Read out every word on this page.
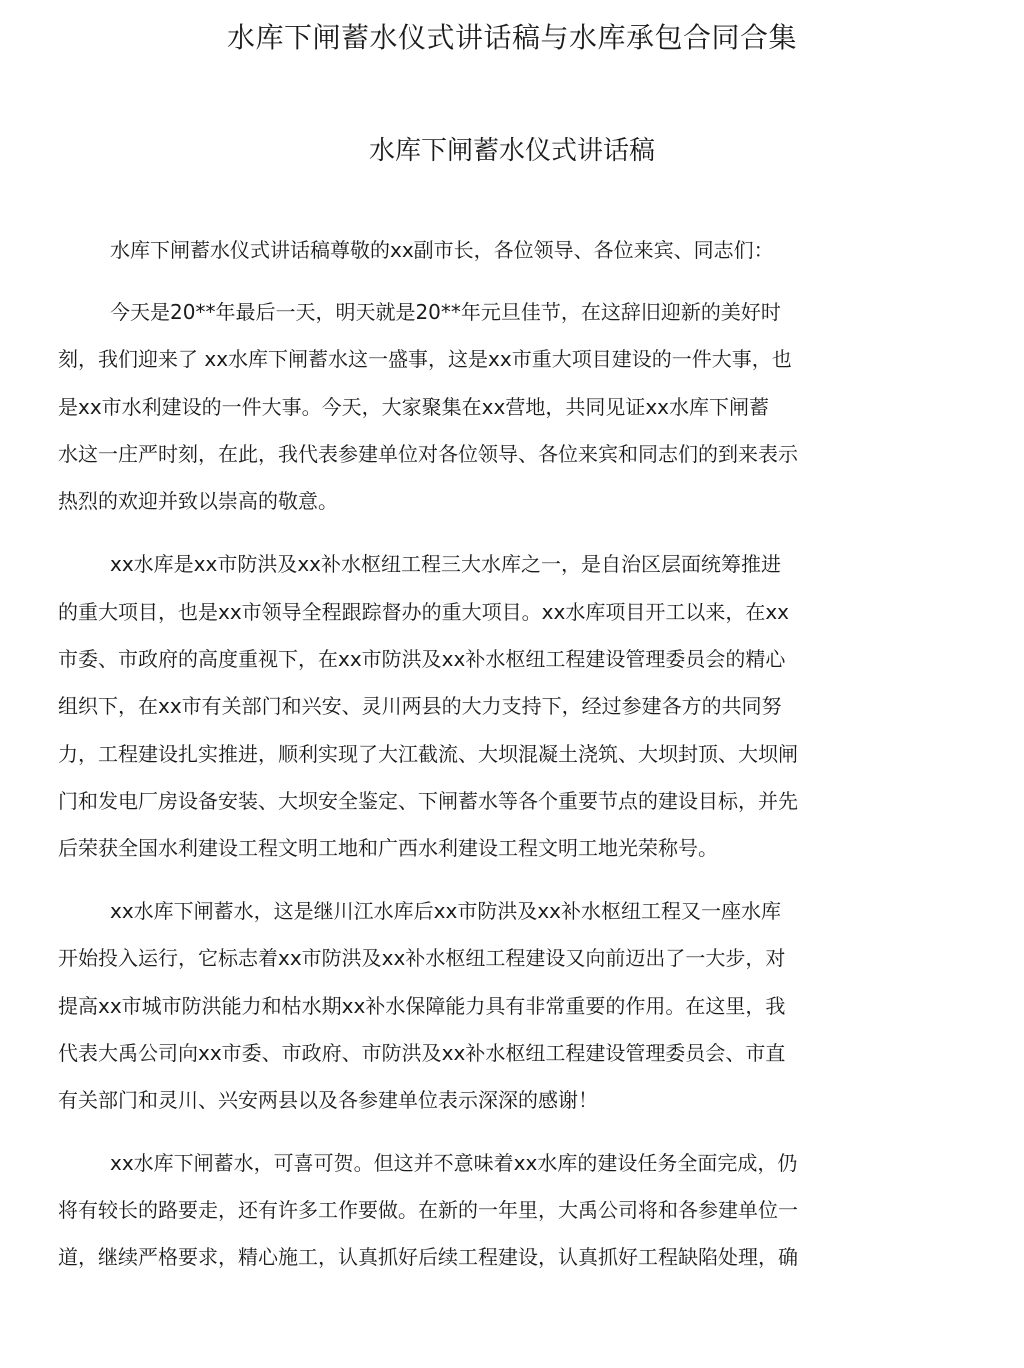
水库下闸蓄水仪式讲话稿与水库承包合同合集
水库下闸蓄水仪式讲话稿

水库下闸蓄水仪式讲话稿尊敬的xx副市长，各位领导、各位来宾、同志们：

今天是20**年最后一天，明天就是20**年元旦佳节，在这辞旧迎新的美好时

刻，我们迎来了 xx水库下闸蓄水这一盛事，这是xx市重大项目建设的一件大事，也

是xx市水利建设的一件大事。今天，大家聚集在xx营地，共同见证xx水库下闸蓄

水这一庄严时刻，在此，我代表参建单位对各位领导、各位来宾和同志们的到来表示

热烈的欢迎并致以崇高的敬意。

xx水库是xx市防洪及xx补水枢纽工程三大水库之一，是自治区层面统筹推进

的重大项目，也是xx市领导全程跟踪督办的重大项目。xx水库项目开工以来，在xx

市委、市政府的高度重视下，在xx市防洪及xx补水枢纽工程建设管理委员会的精心

组织下，在xx市有关部门和兴安、灵川两县的大力支持下，经过参建各方的共同努

力，工程建设扎实推进，顺利实现了大江截流、大坝混凝土浇筑、大坝封顶、大坝闸

门和发电厂房设备安装、大坝安全鉴定、下闸蓄水等各个重要节点的建设目标，并先

后荣获全国水利建设工程文明工地和广西水利建设工程文明工地光荣称号。

xx水库下闸蓄水，这是继川江水库后xx市防洪及xx补水枢纽工程又一座水库

开始投入运行，它标志着xx市防洪及xx补水枢纽工程建设又向前迈出了一大步，对

提高xx市城市防洪能力和枯水期xx补水保障能力具有非常重要的作用。在这里，我

代表大禹公司向xx市委、市政府、市防洪及xx补水枢纽工程建设管理委员会、市直

有关部门和灵川、兴安两县以及各参建单位表示深深的感谢！

xx水库下闸蓄水，可喜可贺。但这并不意味着xx水库的建设任务全面完成，仍

将有较长的路要走，还有许多工作要做。在新的一年里，大禹公司将和各参建单位一

道，继续严格要求，精心施工，认真抓好后续工程建设，认真抓好工程缺陷处理，确
